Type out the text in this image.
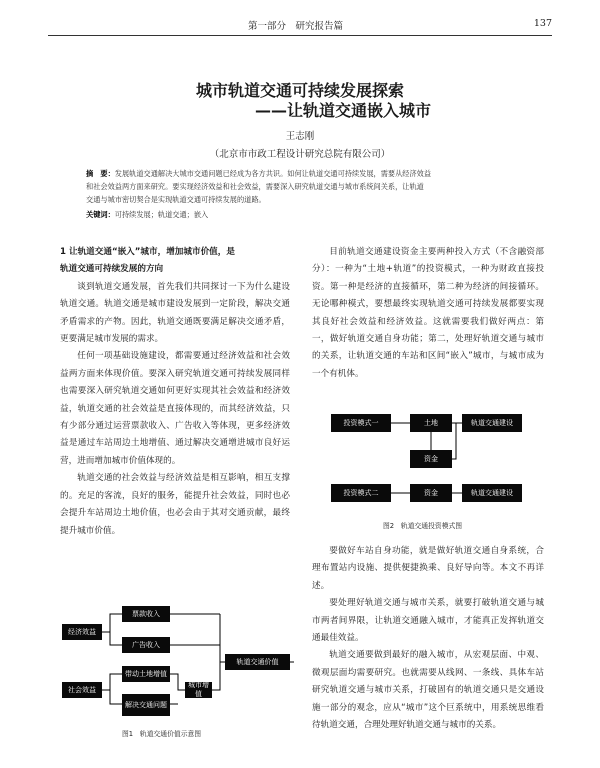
第一部分　研究报告篇	137
城市轨道交通可持续发展探索
——让轨道交通嵌入城市
王志刚
（北京市市政工程设计研究总院有限公司）

摘　要：发展轨道交通解决大城市交通问题已经成为各方共识。如何让轨道交通可持续发展，需要从经济效益

和社会效益两方面来研究。要实现经济效益和社会效益，需要深入研究轨道交通与城市系统间关系，让轨道

交通与城市密切契合是实现轨道交通可持续发展的道路。

关键词：可持续发展；轨道交通；嵌入

1 让轨道交通“嵌入”城市，增加城市价值，是

轨道交通可持续发展的方向

谈到轨道交通发展，首先我们共同探讨一下为什么建设轨道交通。轨道交通是城市建设发展到一定阶段，解决交通矛盾需求的产物。因此，轨道交通既要满足解决交通矛盾，更要满足城市发展的需求。

任何一项基础设施建设，都需要通过经济效益和社会效益两方面来体现价值。要深入研究轨道交通可持续发展同样也需要深入研究轨道交通如何更好实现其社会效益和经济效益，轨道交通的社会效益是直接体现的，而其经济效益，只有少部分通过运营票款收入、广告收入等体现，更多经济效益是通过车站周边土地增值、通过解决交通增进城市良好运营，进而增加城市价值体现的。

轨道交通的社会效益与经济效益是相互影响，相互支撑的。充足的客流，良好的服务，能提升社会效益，同时也必会提升车站周边土地价值，也必会由于其对交通贡献，最终提升城市价值。

经济效益
票款收入
广告收入
带动土地增值
解决交通问题
社会效益
城市增值
轨道交通价值
图1　轨道交通价值示意图

目前轨道交通建设资金主要两种投入方式（不含融资部分）：一种为“土地+轨道”的投资模式，一种为财政直接投资。第一种是经济的直接循环，第二种为经济的间接循环。无论哪种模式，要想最终实现轨道交通可持续发展都要实现其良好社会效益和经济效益。这就需要我们做好两点：第一，做好轨道交通自身功能；第二，处理好轨道交通与城市的关系，让轨道交通的车站和区间“嵌入”城市，与城市成为一个有机体。

投资模式一	土地	轨道交通建设
资金
投资模式二	资金	轨道交通建设
图2　轨道交通投资模式图

要做好车站自身功能，就是做好轨道交通自身系统，合理布置站内设施、提供便捷换乘、良好导向等。本文不再详述。

要处理好轨道交通与城市关系，就要打破轨道交通与城市两者间界限，让轨道交通融入城市，才能真正发挥轨道交通最佳效益。

轨道交通要做到最好的融入城市，从宏观层面、中观、微观层面均需要研究。也就需要从线网、一条线、具体车站研究轨道交通与城市关系，打破固有的轨道交通只是交通设施一部分的观念，应从“城市”这个巨系统中，用系统思维看待轨道交通，合理处理好轨道交通与城市的关系。
